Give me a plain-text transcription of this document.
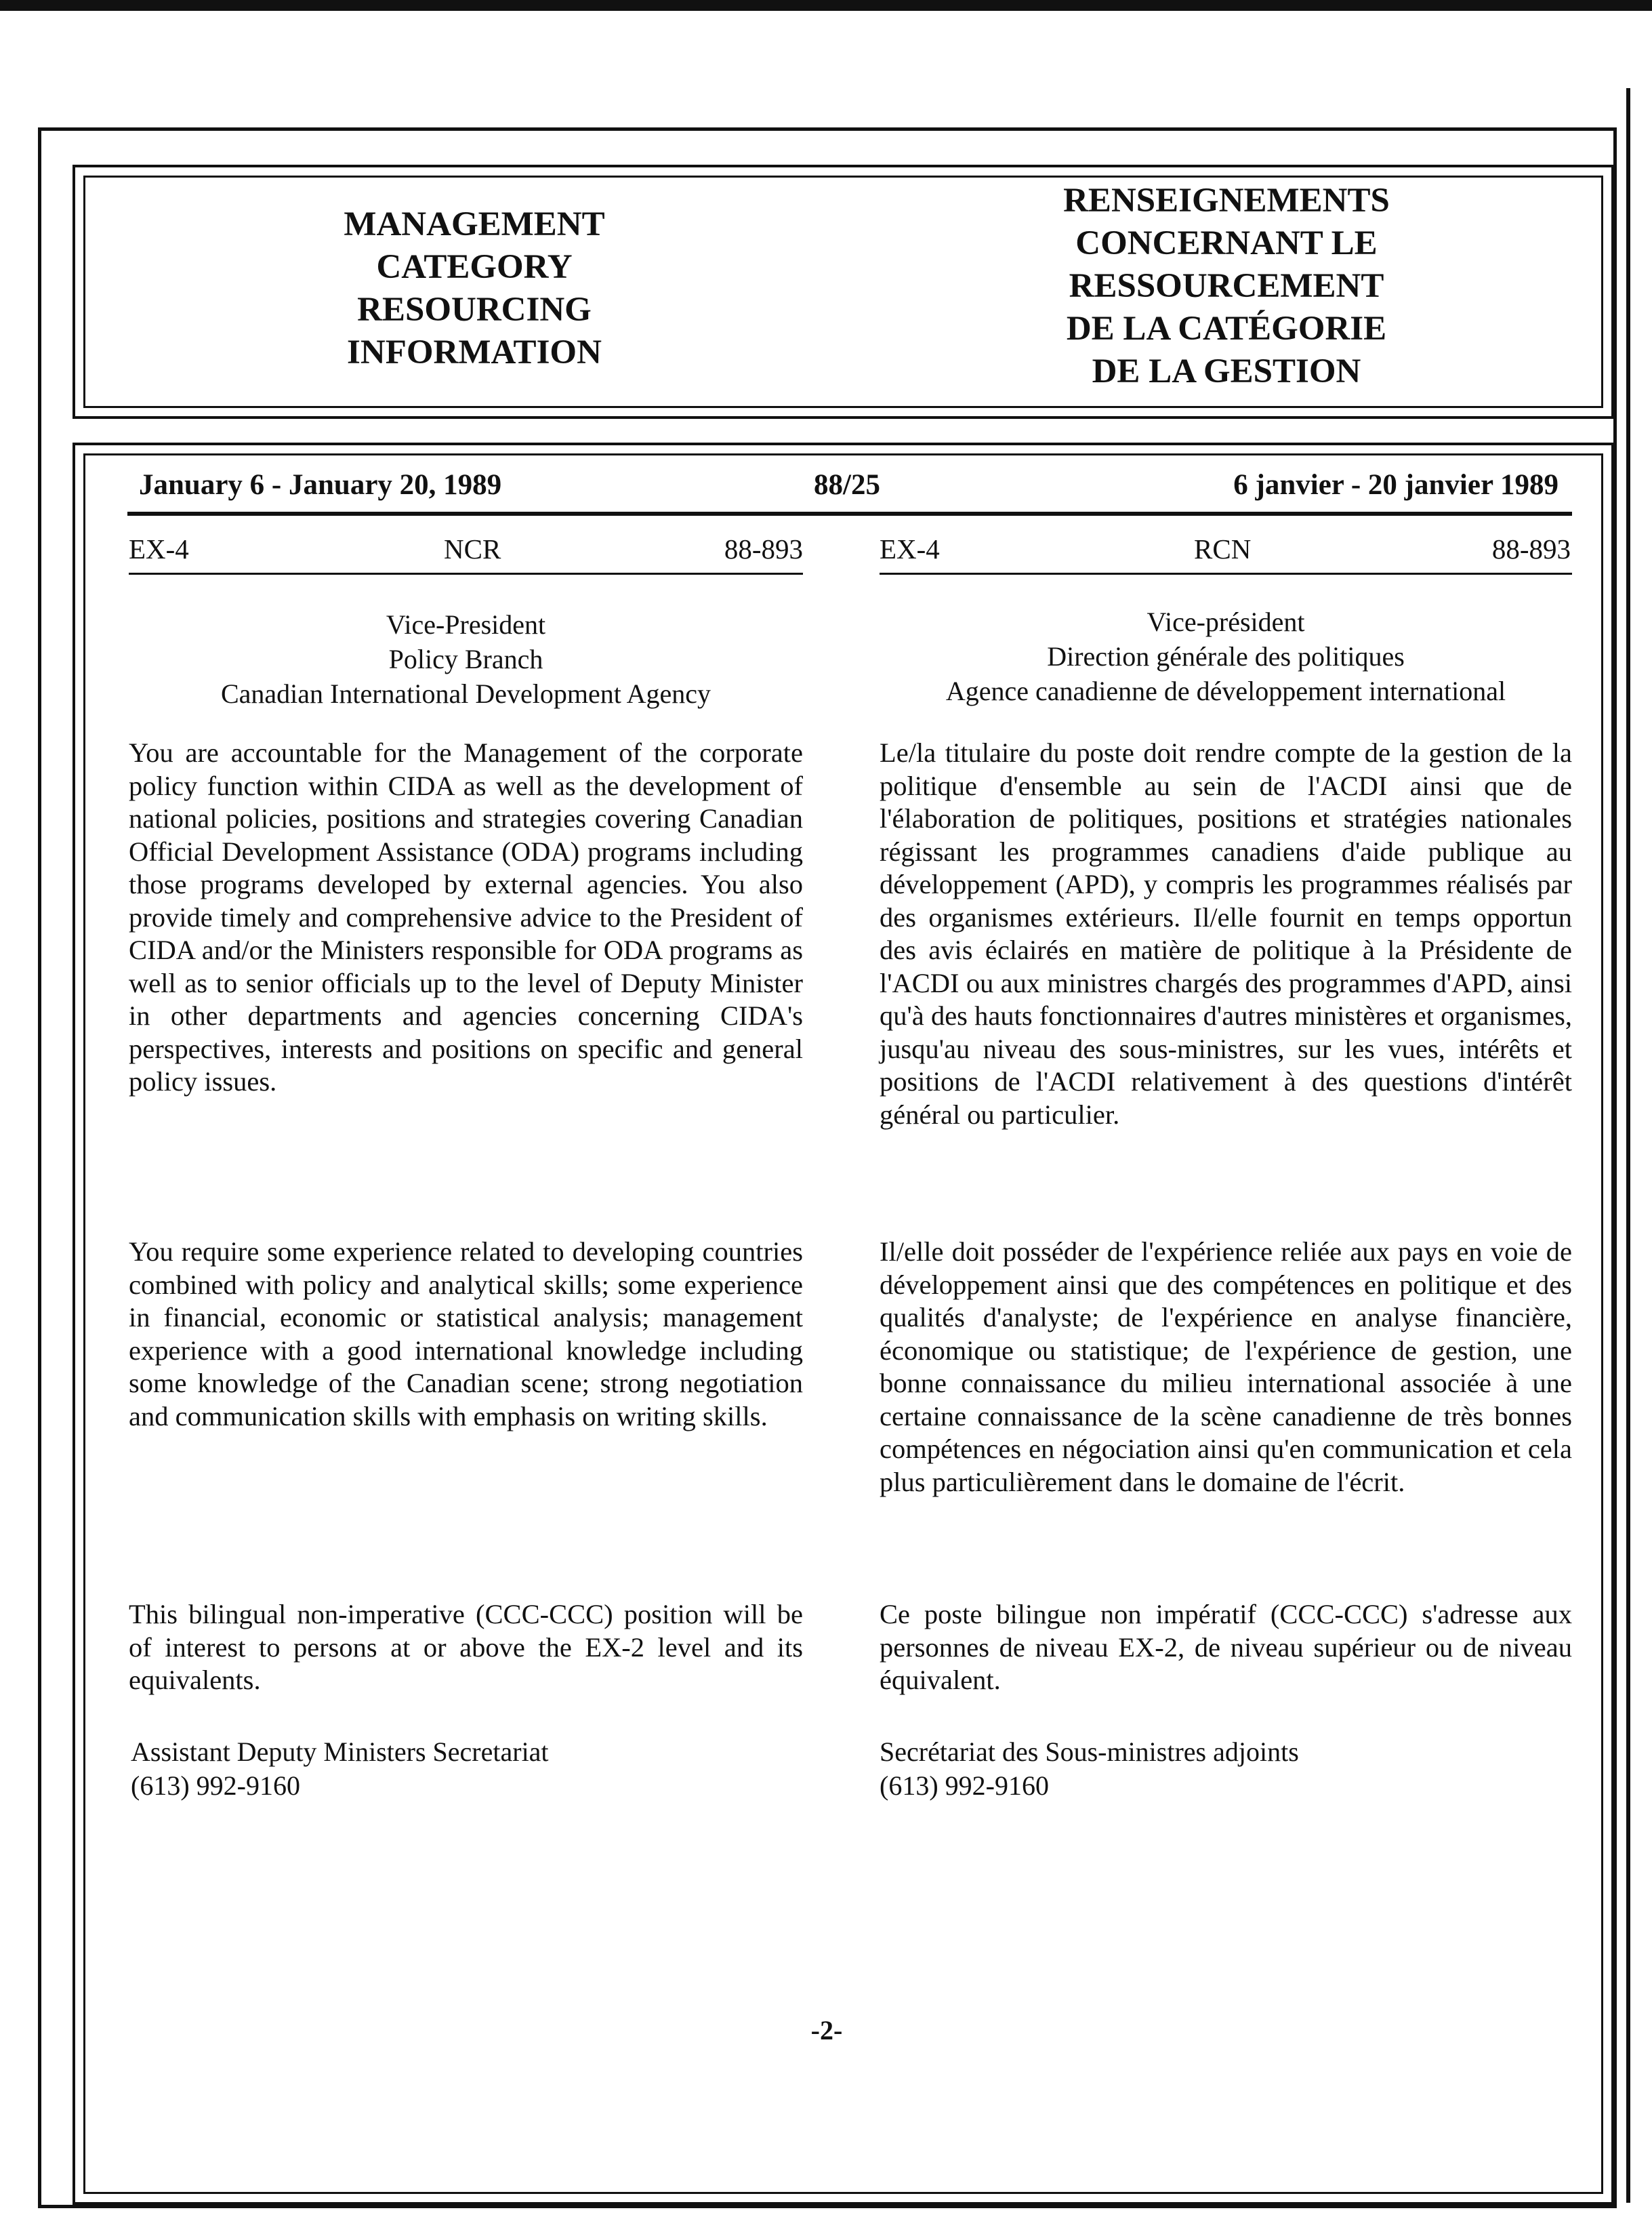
MANAGEMENT
CATEGORY
RESOURCING
INFORMATION
RENSEIGNEMENTS
CONCERNANT LE
RESSOURCEMENT
DE LA CATÉGORIE
DE LA GESTION
January 6 - January 20, 1989	88/25	6 janvier - 20 janvier 1989
EX-4	NCR	88-893
Vice-President
Policy Branch
Canadian International Development Agency

You are accountable for the Management of the corporate policy function within CIDA as well as the development of national policies, positions and strategies covering Canadian Official Development Assistance (ODA) programs including those programs developed by external agencies. You also provide timely and comprehensive advice to the President of CIDA and/or the Ministers responsible for ODA programs as well as to senior officials up to the level of Deputy Minister in other departments and agencies concerning CIDA's perspectives, interests and positions on specific and general policy issues.

You require some experience related to developing countries combined with policy and analytical skills; some experience in financial, economic or statistical analysis; management experience with a good international knowledge including some knowledge of the Canadian scene; strong negotiation and communication skills with emphasis on writing skills.

This bilingual non-imperative (CCC-CCC) position will be of interest to persons at or above the EX-2 level and its equivalents.

Assistant Deputy Ministers Secretariat
(613) 992-9160
EX-4	RCN	88-893
Vice-président
Direction générale des politiques
Agence canadienne de développement international

Le/la titulaire du poste doit rendre compte de la gestion de la politique d'ensemble au sein de l'ACDI ainsi que de l'élaboration de politiques, positions et stratégies nationales régissant les programmes canadiens d'aide publique au développement (APD), y compris les programmes réalisés par des organismes extérieurs. Il/elle fournit en temps opportun des avis éclairés en matière de politique à la Présidente de l'ACDI ou aux ministres chargés des programmes d'APD, ainsi qu'à des hauts fonctionnaires d'autres ministères et organismes, jusqu'au niveau des sous-ministres, sur les vues, intérêts et positions de l'ACDI relativement à des questions d'intérêt général ou particulier.

Il/elle doit posséder de l'expérience reliée aux pays en voie de développement ainsi que des compétences en politique et des qualités d'analyste; de l'expérience en analyse financière, économique ou statistique; de l'expérience de gestion, une bonne connaissance du milieu international associée à une certaine connaissance de la scène canadienne de très bonnes compétences en négociation ainsi qu'en communication et cela plus particulièrement dans le domaine de l'écrit.

Ce poste bilingue non impératif (CCC-CCC) s'adresse aux personnes de niveau EX-2, de niveau supérieur ou de niveau équivalent.

Secrétariat des Sous-ministres adjoints
(613) 992-9160
-2-
